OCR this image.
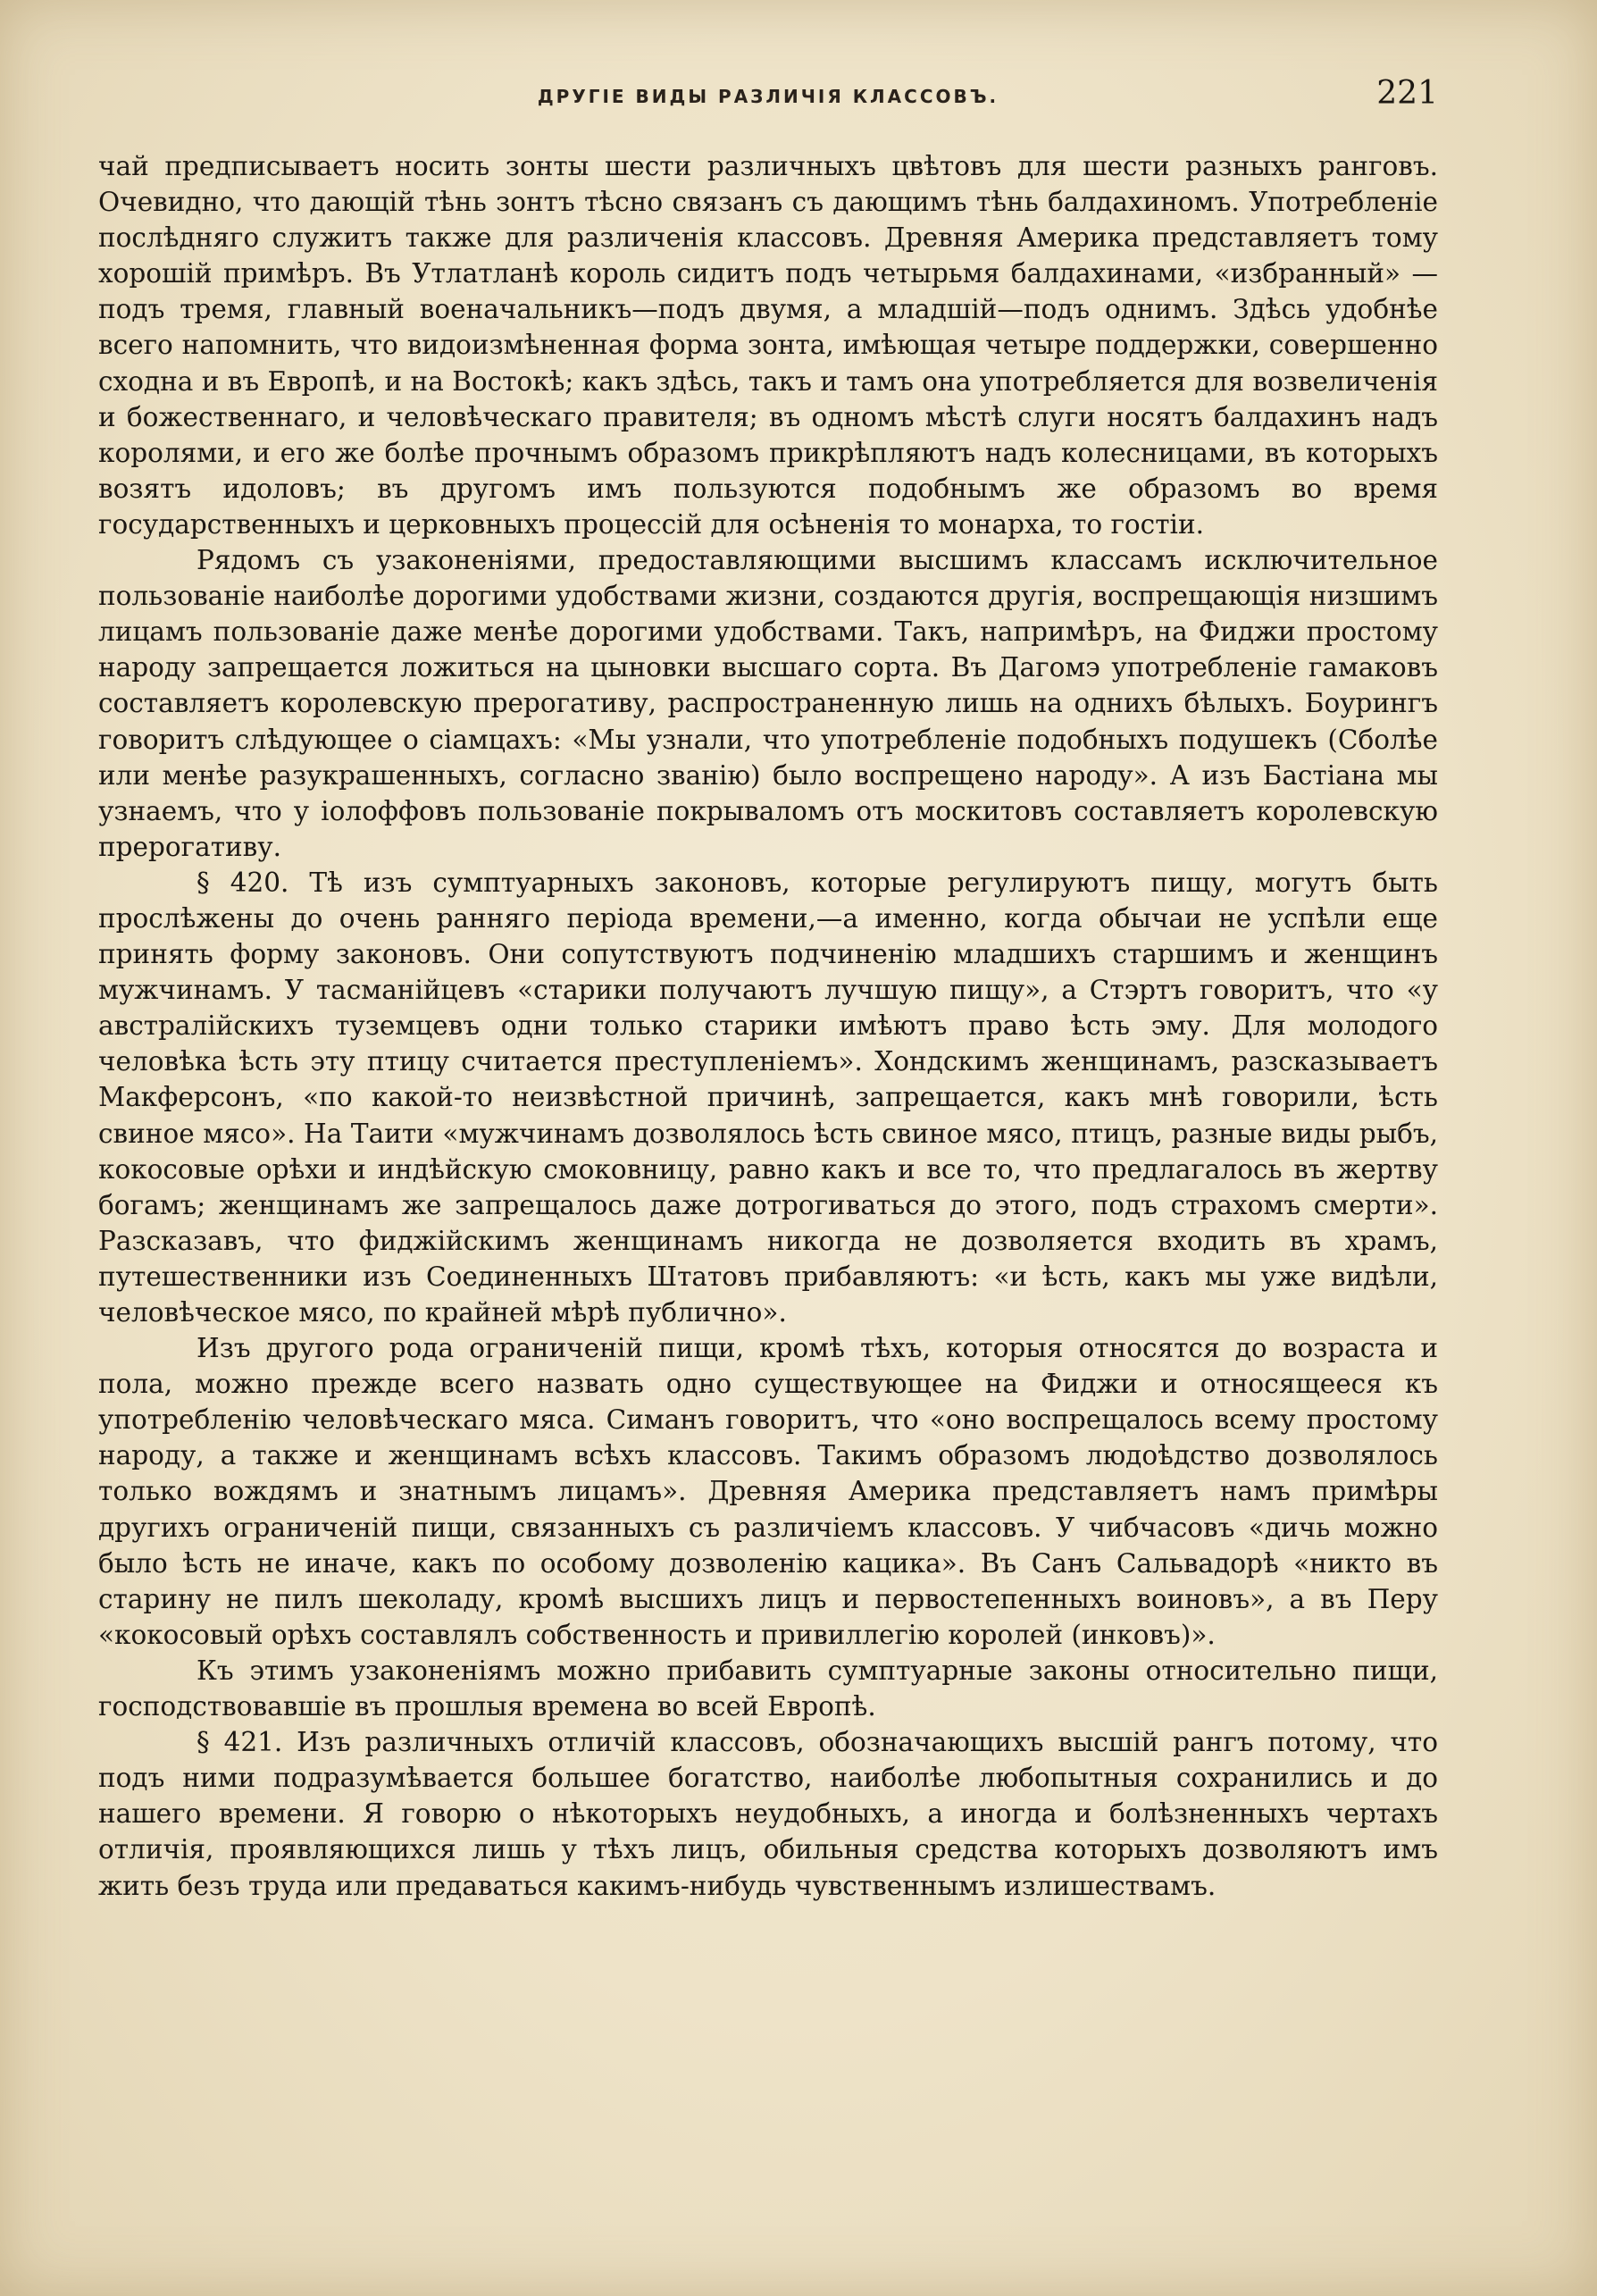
ДРУГІЕ ВИДЫ РАЗЛИЧІЯ КЛАССОВЪ.	221

чай предписываетъ носить зонты шести различныхъ цвѣтовъ для шести разныхъ ранговъ. Очевидно, что дающій тѣнь зонтъ тѣсно связанъ съ дающимъ тѣнь балдахиномъ. Употребленіе послѣдняго служитъ также для различенія классовъ. Древняя Америка представляетъ тому хорошій примѣръ. Въ Утлатланѣ король сидитъ подъ четырьмя балдахинами, «избранный» —подъ тремя, главный военачальникъ—подъ двумя, а младшій—подъ однимъ. Здѣсь удобнѣе всего напомнить, что видоизмѣненная форма зонта, имѣющая четыре поддержки, совершенно сходна и въ Европѣ, и на Востокѣ; какъ здѣсь, такъ и тамъ она употребляется для возвеличенія и божественнаго, и человѣческаго правителя; въ одномъ мѣстѣ слуги носятъ балдахинъ надъ королями, и его же болѣе прочнымъ образомъ прикрѣпляютъ надъ колесницами, въ которыхъ возятъ идоловъ; въ другомъ имъ пользуются подобнымъ же образомъ во время государственныхъ и церковныхъ процессій для осѣненія то монарха, то гостіи.

Рядомъ съ узаконеніями, предоставляющими высшимъ классамъ исключительное пользованіе наиболѣе дорогими удобствами жизни, создаются другія, воспрещающія низшимъ лицамъ пользованіе даже менѣе дорогими удобствами. Такъ, напримѣръ, на Фиджи простому народу запрещается ложиться на цыновки высшаго сорта. Въ Дагомэ употребленіе гамаковъ составляетъ королевскую прерогативу, распространенную лишь на однихъ бѣлыхъ. Боурингъ говоритъ слѣдующее о сіамцахъ: «Мы узнали, что употребленіе подобныхъ подушекъ (Сболѣе или менѣе разукрашенныхъ, согласно званію) было воспрещено народу». А изъ Бастіана мы узнаемъ, что у іолоффовъ пользованіе покрываломъ отъ москитовъ составляетъ королевскую прерогативу.

§ 420. Тѣ изъ сумптуарныхъ законовъ, которые регулируютъ пищу, могутъ быть прослѣжены до очень ранняго періода времени,—а именно, когда обычаи не успѣли еще принять форму законовъ. Они сопутствуютъ подчиненію младшихъ старшимъ и женщинъ мужчинамъ. У тасманійцевъ «старики получаютъ лучшую пищу», а Стэртъ говоритъ, что «у австралійскихъ туземцевъ одни только старики имѣютъ право ѣсть эму. Для молодого человѣка ѣсть эту птицу считается преступленіемъ». Хондскимъ женщинамъ, разсказываетъ Макферсонъ, «по какой-то неизвѣстной причинѣ, запрещается, какъ мнѣ говорили, ѣсть свиное мясо». На Таити «мужчинамъ дозволялось ѣсть свиное мясо, птицъ, разные виды рыбъ, кокосовые орѣхи и индѣйскую смоковницу, равно какъ и все то, что предлагалось въ жертву богамъ; женщинамъ же запрещалось даже дотрогиваться до этого, подъ страхомъ смерти». Разсказавъ, что фиджійскимъ женщинамъ никогда не дозволяется входить въ храмъ, путешественники изъ Соединенныхъ Штатовъ прибавляютъ: «и ѣсть, какъ мы уже видѣли, человѣческое мясо, по крайней мѣрѣ публично».

Изъ другого рода ограниченій пищи, кромѣ тѣхъ, которыя относятся до возраста и пола, можно прежде всего назвать одно существующее на Фиджи и относящееся къ употребленію человѣческаго мяса. Симанъ говоритъ, что «оно воспрещалось всему простому народу, а также и женщинамъ всѣхъ классовъ. Такимъ образомъ людоѣдство дозволялось только вождямъ и знатнымъ лицамъ». Древняя Америка представляетъ намъ примѣры другихъ ограниченій пищи, связанныхъ съ различіемъ классовъ. У чибчасовъ «дичь можно было ѣсть не иначе, какъ по особому дозволенію кацика». Въ Санъ Сальвадорѣ «никто въ старину не пилъ шеколаду, кромѣ высшихъ лицъ и первостепенныхъ воиновъ», а въ Перу «кокосовый орѣхъ составлялъ собственность и привиллегію королей (инковъ)».

Къ этимъ узаконеніямъ можно прибавить сумптуарные законы относительно пищи, господствовавшіе въ прошлыя времена во всей Европѣ.

§ 421. Изъ различныхъ отличій классовъ, обозначающихъ высшій рангъ потому, что подъ ними подразумѣвается большее богатство, наиболѣе любопытныя сохранились и до нашего времени. Я говорю о нѣкоторыхъ неудобныхъ, а иногда и болѣзненныхъ чертахъ отличія, проявляющихся лишь у тѣхъ лицъ, обильныя средства которыхъ дозволяютъ имъ жить безъ труда или предаваться какимъ-нибудь чувственнымъ излишествамъ.
